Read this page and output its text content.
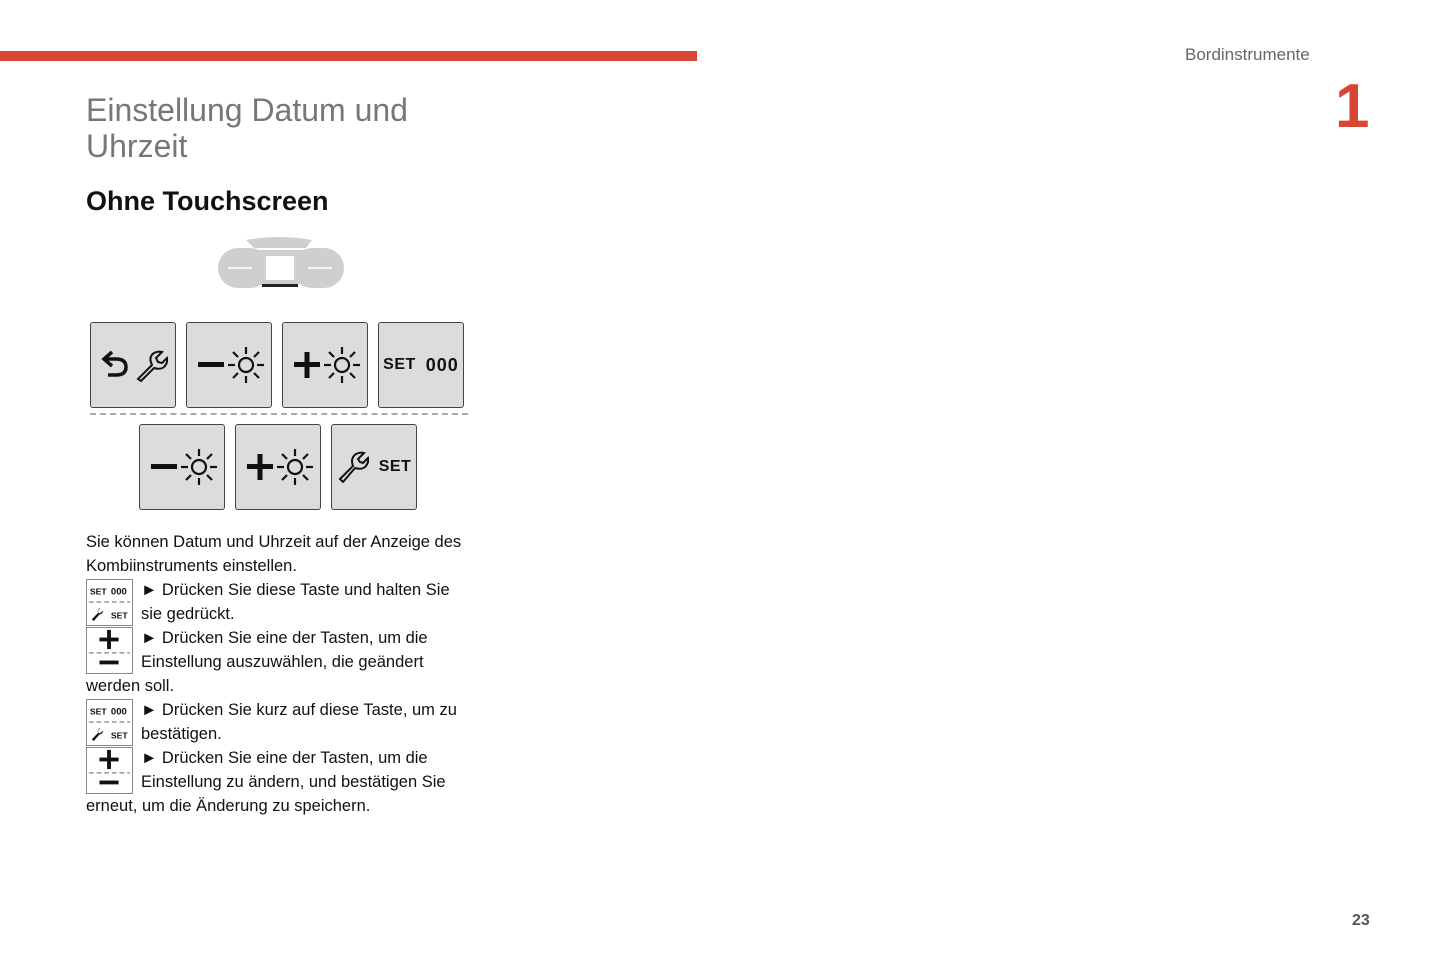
Bordinstrumente
1
Einstellung Datum und Uhrzeit
Ohne Touchscreen
SET 000
SET
Sie können Datum und Uhrzeit auf der Anzeige des Kombiinstruments einstellen.
SET 000
SET
► Drücken Sie diese Taste und halten Sie sie gedrückt.
► Drücken Sie eine der Tasten, um die Einstellung auszuwählen, die geändert werden soll.
SET 000
SET
► Drücken Sie kurz auf diese Taste, um zu bestätigen.
► Drücken Sie eine der Tasten, um die Einstellung zu ändern, und bestätigen Sie erneut, um die Änderung zu speichern.
23
